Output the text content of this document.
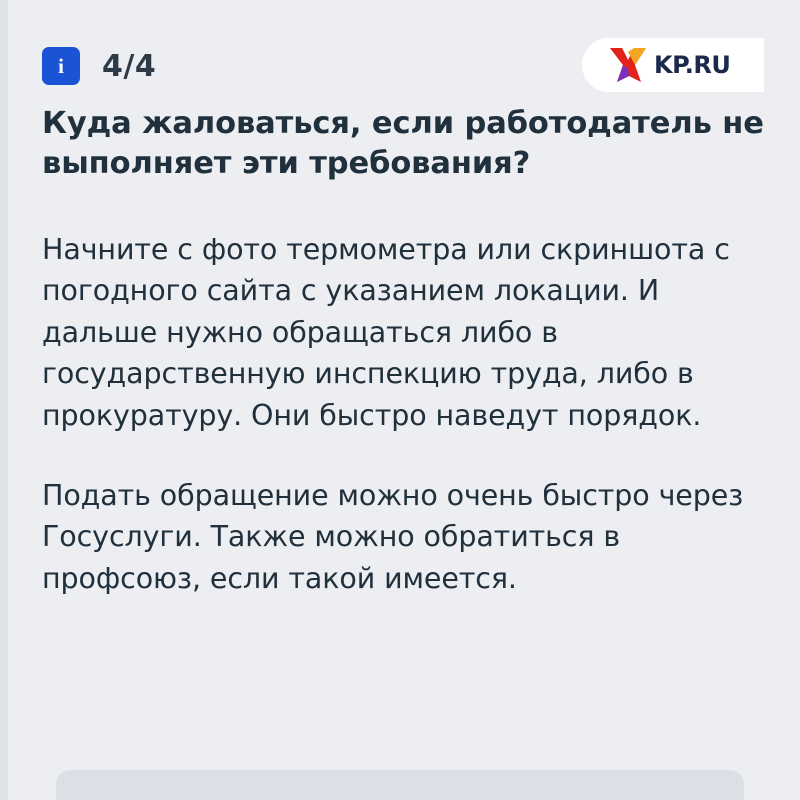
i 4/4	KP.RU
Куда жаловаться, если работодатель не выполняет эти требования?

Начните с фото термометра или скриншота с погодного сайта с указанием локации. И дальше нужно обращаться либо в государственную инспекцию труда, либо в прокуратуру. Они быстро наведут порядок.

Подать обращение можно очень быстро через Госуслуги. Также можно обратиться в профсоюз, если такой имеется.
